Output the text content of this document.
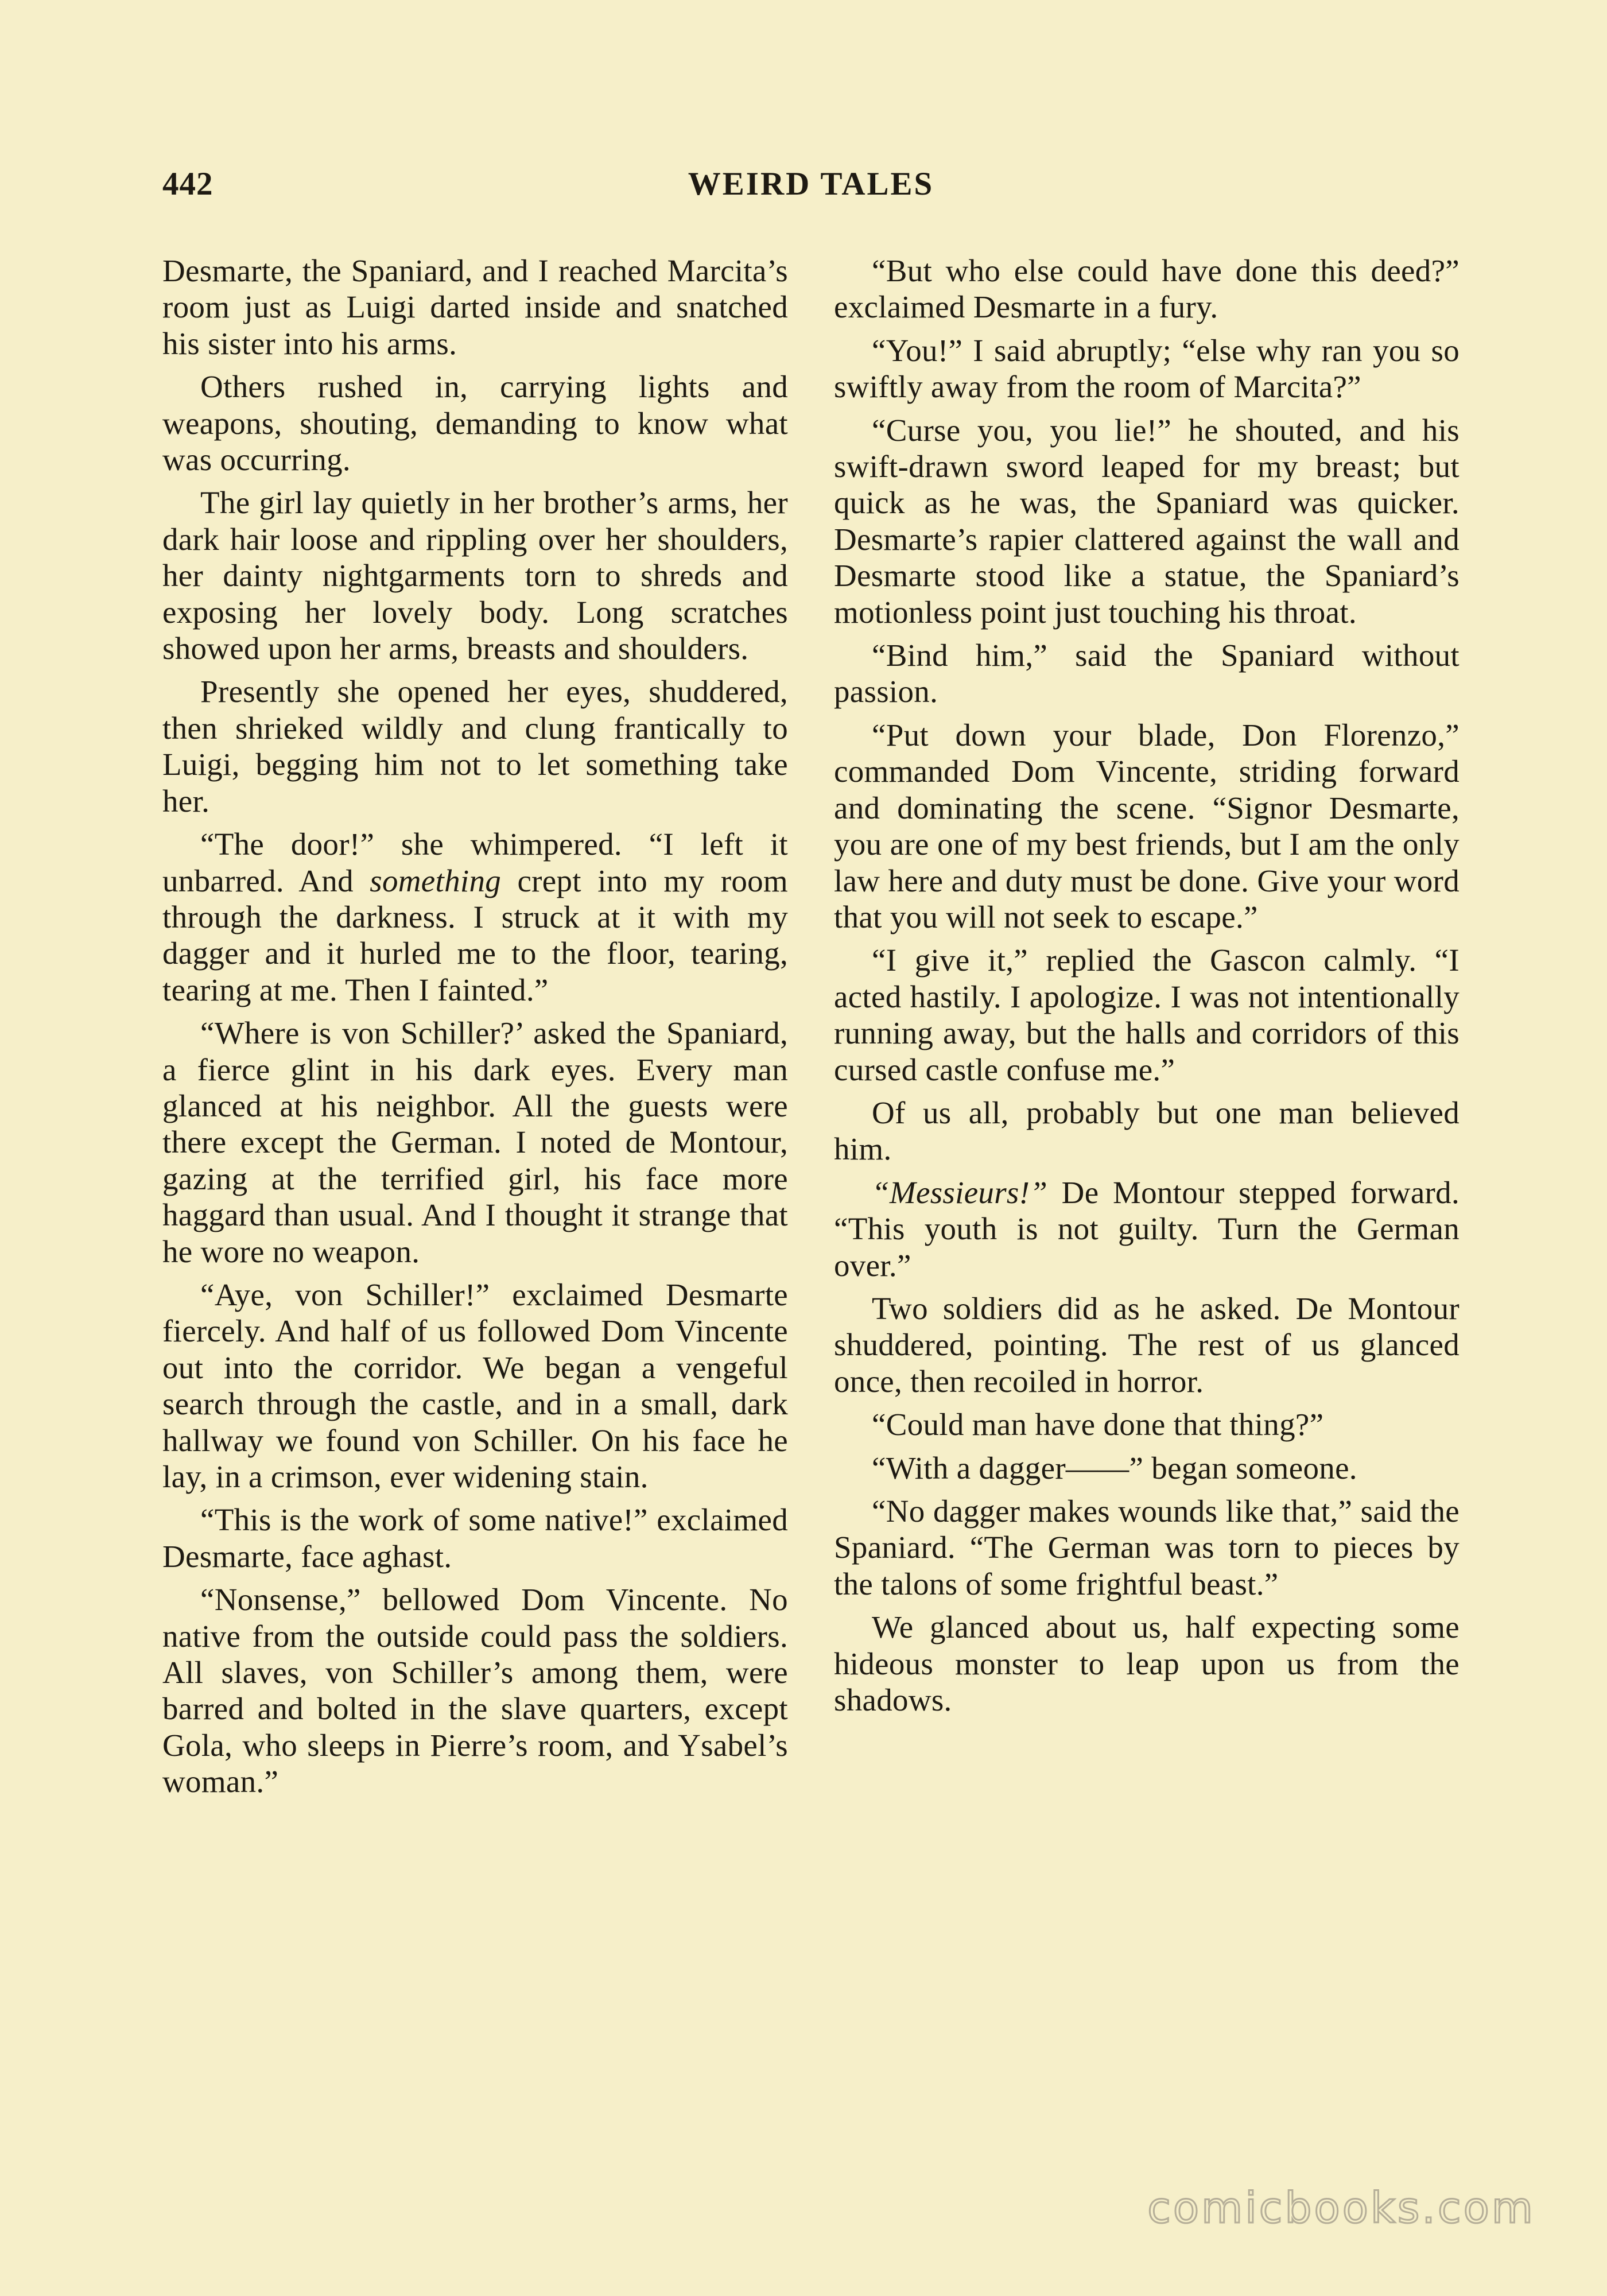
442	WEIRD TALES

Desmarte, the Spaniard, and I reached Marcita’s room just as Luigi darted inside and snatched his sister into his arms.

Others rushed in, carrying lights and weapons, shouting, demanding to know what was occurring.

The girl lay quietly in her brother’s arms, her dark hair loose and rippling over her shoulders, her dainty nightgarments torn to shreds and exposing her lovely body. Long scratches showed upon her arms, breasts and shoulders.

Presently she opened her eyes, shuddered, then shrieked wildly and clung frantically to Luigi, begging him not to let something take her.

“The door!” she whimpered. “I left it unbarred. And something crept into my room through the darkness. I struck at it with my dagger and it hurled me to the floor, tearing, tearing at me. Then I fainted.”

“Where is von Schiller?’ asked the Spaniard, a fierce glint in his dark eyes. Every man glanced at his neighbor. All the guests were there except the German. I noted de Montour, gazing at the terrified girl, his face more haggard than usual. And I thought it strange that he wore no weapon.

“Aye, von Schiller!” exclaimed Desmarte fiercely. And half of us followed Dom Vincente out into the corridor. We began a vengeful search through the castle, and in a small, dark hallway we found von Schiller. On his face he lay, in a crimson, ever widening stain.

“This is the work of some native!” exclaimed Desmarte, face aghast.

“Nonsense,” bellowed Dom Vincente. No native from the outside could pass the soldiers. All slaves, von Schiller’s among them, were barred and bolted in the slave quarters, except Gola, who sleeps in Pierre’s room, and Ysabel’s woman.”

“But who else could have done this deed?” exclaimed Desmarte in a fury.

“You!” I said abruptly; “else why ran you so swiftly away from the room of Marcita?”

“Curse you, you lie!” he shouted, and his swift-drawn sword leaped for my breast; but quick as he was, the Spaniard was quicker. Desmarte’s rapier clattered against the wall and Desmarte stood like a statue, the Spaniard’s motionless point just touching his throat.

“Bind him,” said the Spaniard without passion.

“Put down your blade, Don Florenzo,” commanded Dom Vincente, striding forward and dominating the scene. “Signor Desmarte, you are one of my best friends, but I am the only law here and duty must be done. Give your word that you will not seek to escape.”

“I give it,” replied the Gascon calmly. “I acted hastily. I apologize. I was not intentionally running away, but the halls and corridors of this cursed castle confuse me.”

Of us all, probably but one man believed him.

“Messieurs!” De Montour stepped forward. “This youth is not guilty. Turn the German over.”

Two soldiers did as he asked. De Montour shuddered, pointing. The rest of us glanced once, then recoiled in horror.

“Could man have done that thing?”

“With a dagger——” began someone.

“No dagger makes wounds like that,” said the Spaniard. “The German was torn to pieces by the talons of some frightful beast.”

We glanced about us, half expecting some hideous monster to leap upon us from the shadows.

comicbooks.com
